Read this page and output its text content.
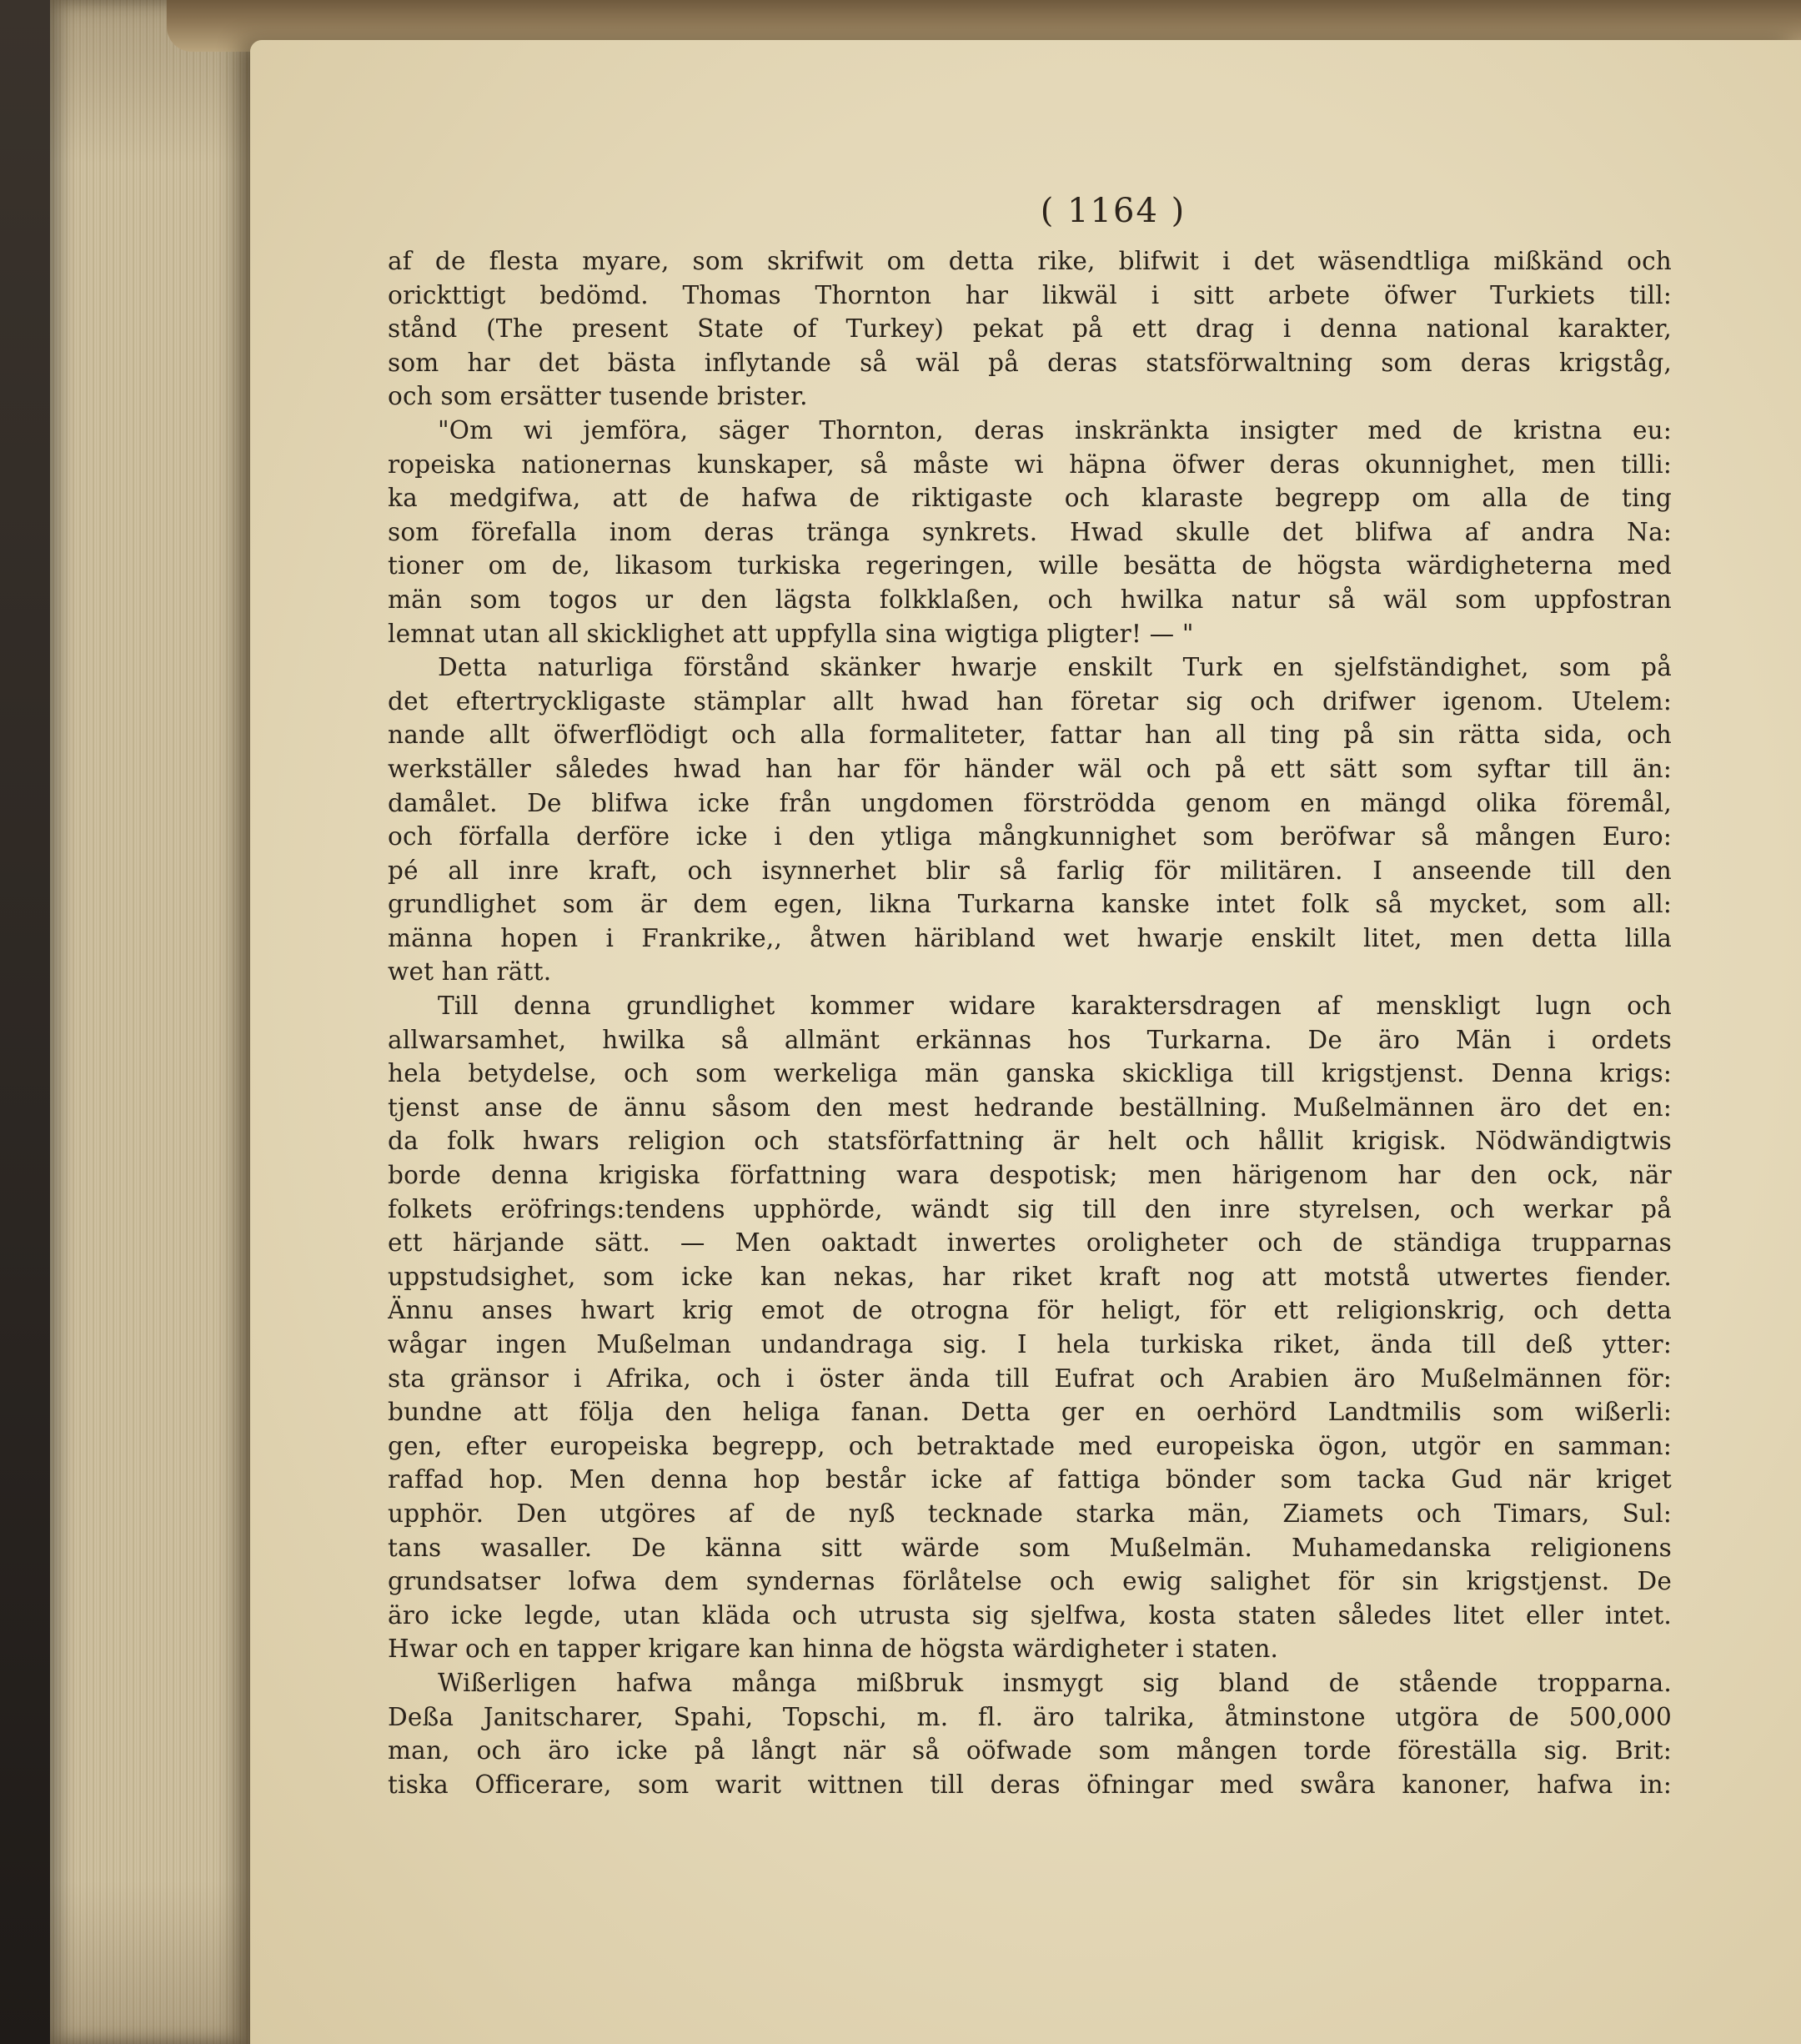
( 1164 )
af de flesta myare, som skrifwit om detta rike, blifwit i det wäsendtliga mißkänd och
orickttigt bedömd. Thomas Thornton har likwäl i sitt arbete öfwer Turkiets till:
stånd (The present State of Turkey) pekat på ett drag i denna national karakter,
som har det bästa inflytande så wäl på deras statsförwaltning som deras krigståg,
och som ersätter tusende brister.
"Om wi jemföra, säger Thornton, deras inskränkta insigter med de kristna eu:
ropeiska nationernas kunskaper, så måste wi häpna öfwer deras okunnighet, men tilli:
ka medgifwa, att de hafwa de riktigaste och klaraste begrepp om alla de ting
som förefalla inom deras tränga synkrets. Hwad skulle det blifwa af andra Na:
tioner om de, likasom turkiska regeringen, wille besätta de högsta wärdigheterna med
män som togos ur den lägsta folkklaßen, och hwilka natur så wäl som uppfostran
lemnat utan all skicklighet att uppfylla sina wigtiga pligter! — "
Detta naturliga förstånd skänker hwarje enskilt Turk en sjelfständighet, som på
det eftertryckligaste stämplar allt hwad han företar sig och drifwer igenom. Utelem:
nande allt öfwerflödigt och alla formaliteter, fattar han all ting på sin rätta sida, och
werkställer således hwad han har för händer wäl och på ett sätt som syftar till än:
damålet. De blifwa icke från ungdomen förströdda genom en mängd olika föremål,
och förfalla derföre icke i den ytliga mångkunnighet som beröfwar så mången Euro:
pé all inre kraft, och isynnerhet blir så farlig för militären. I anseende till den
grundlighet som är dem egen, likna Turkarna kanske intet folk så mycket, som all:
männa hopen i Frankrike,, åtwen häribland wet hwarje enskilt litet, men detta lilla
wet han rätt.
Till denna grundlighet kommer widare karaktersdragen af menskligt lugn och
allwarsamhet, hwilka så allmänt erkännas hos Turkarna. De äro Män i ordets
hela betydelse, och som werkeliga män ganska skickliga till krigstjenst. Denna krigs:
tjenst anse de ännu såsom den mest hedrande beställning. Mußelmännen äro det en:
da folk hwars religion och statsförfattning är helt och hållit krigisk. Nödwändigtwis
borde denna krigiska författning wara despotisk; men härigenom har den ock, när
folkets eröfrings:tendens upphörde, wändt sig till den inre styrelsen, och werkar på
ett härjande sätt. — Men oaktadt inwertes oroligheter och de ständiga trupparnas
uppstudsighet, som icke kan nekas, har riket kraft nog att motstå utwertes fiender.
Ännu anses hwart krig emot de otrogna för heligt, för ett religionskrig, och detta
wågar ingen Mußelman undandraga sig. I hela turkiska riket, ända till deß ytter:
sta gränsor i Afrika, och i öster ända till Eufrat och Arabien äro Mußelmännen för:
bundne att följa den heliga fanan. Detta ger en oerhörd Landtmilis som wißerli:
gen, efter europeiska begrepp, och betraktade med europeiska ögon, utgör en samman:
raffad hop. Men denna hop består icke af fattiga bönder som tacka Gud när kriget
upphör. Den utgöres af de nyß tecknade starka män, Ziamets och Timars, Sul:
tans wasaller. De känna sitt wärde som Mußelmän. Muhamedanska religionens
grundsatser lofwa dem syndernas förlåtelse och ewig salighet för sin krigstjenst. De
äro icke legde, utan kläda och utrusta sig sjelfwa, kosta staten således litet eller intet.
Hwar och en tapper krigare kan hinna de högsta wärdigheter i staten.
Wißerligen hafwa många mißbruk insmygt sig bland de stående tropparna.
Deßa Janitscharer, Spahi, Topschi, m. fl. äro talrika, åtminstone utgöra de 500,000
man, och äro icke på långt när så oöfwade som mången torde föreställa sig. Brit:
tiska Officerare, som warit wittnen till deras öfningar med swåra kanoner, hafwa in:
